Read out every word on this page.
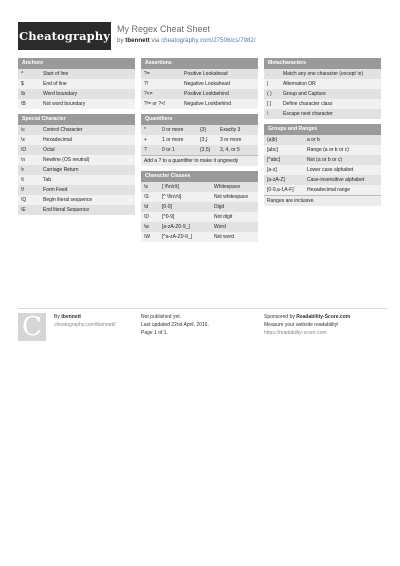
Cheatography My Regex Cheat Sheet
by tbennett via cheatography.com/27506/cs/7982/
Anchors
^	Start of line
$	End of line
\b	Word boundary
\B	Not word boundary
Special Character
\c	Control Character
\x	Hexadecimal
\O	Octal
\n	Newline (OS neutral)
\r	Carriage Return
\t	Tab
\f	Form Feed
\Q	Begin literal sequence
\E	End literal Sequence
Assertions
?=	Positive Lookahead
?!	Negative Lookahead
?<=	Positive Lookbehind
?!= or ?<!	Negative Lookbehind
Quantifiers
*	0 or more	{3}	Exactly 3
+	1 or more	{3,}	3 or more
?	0 or 1	{3,5}	3, 4, or 5
Add a ? to a quantifier to make it ungreedy
Character Classes
\s	[ \f\n\r\t]	Whitespace
\S	[^ \f\n\r\t]	Not whitespace
\d	[0-9]	Digit
\D	[^0-9]	Not digit
\w	[a-zA-Z0-9_]	Word
\W	[^a-zA-Z0-9_]	Not word
Metacharacters
.	Match any one character (except \n)
|	Alternation OR
( )	Group and Capture
[ ]	Define character class
\	Escape next character
Groups and Ranges
(a|b)	a or b
[abc]	Range (a or b or c)
[^abc]	Not (a or b or c)
[a-z]	Lower case alphabet
[a-zA-Z]	Case-insensitive alphabet
[0-9,a-f,A-F]	Hexadecimal range
Ranges are inclusive.
C	By tbennett
cheatography.com/tbennett/
Not published yet.
Last updated 22nd April, 2016.
Page 1 of 1.
Sponsored by Readability-Score.com
Measure your website readability!
https://readability-score.com
